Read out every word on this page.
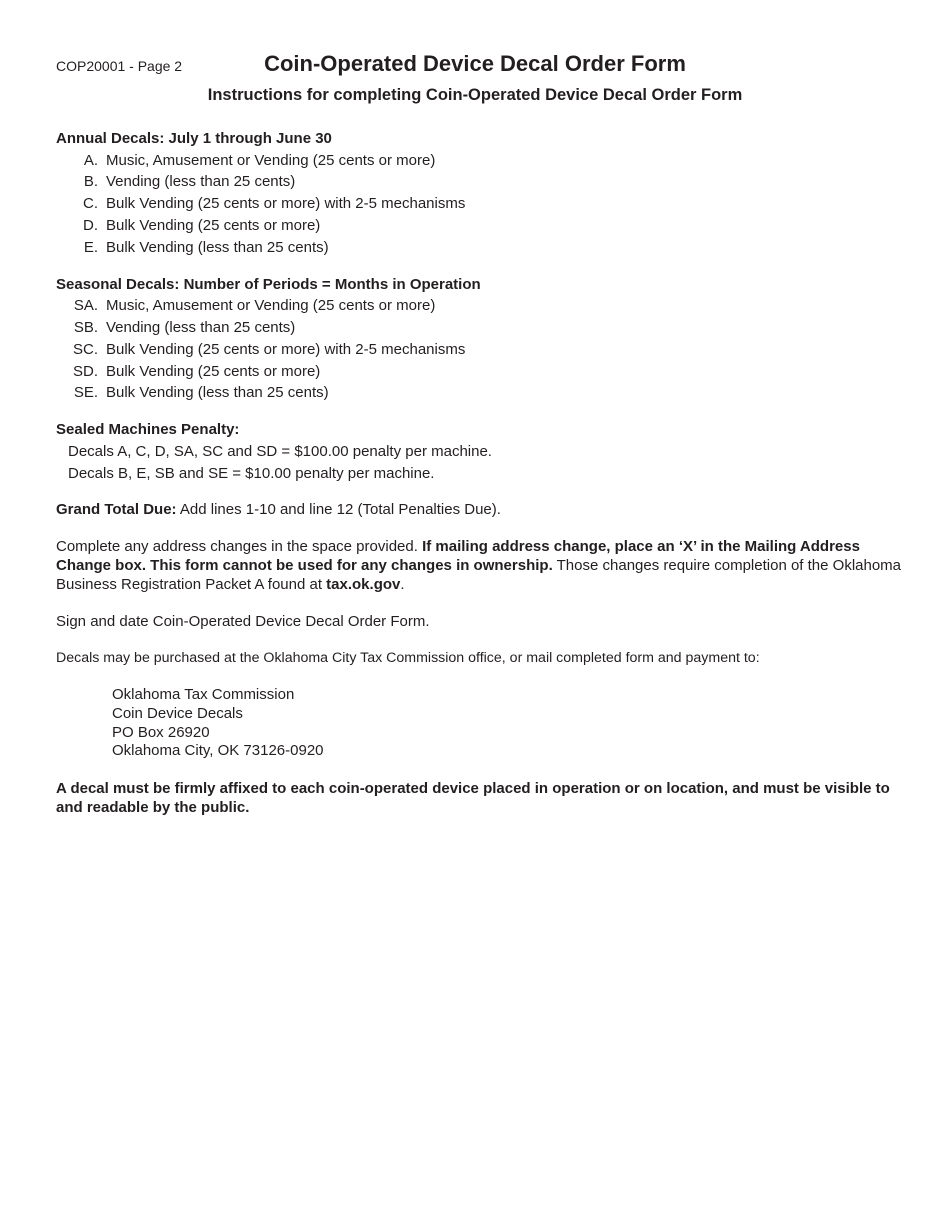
COP20001 - Page 2	Coin-Operated Device Decal Order Form
Instructions for completing Coin-Operated Device Decal Order Form

Annual Decals: July 1 through June 30

A. Music, Amusement or Vending (25 cents or more)
B. Vending (less than 25 cents)
C. Bulk Vending (25 cents or more) with 2-5 mechanisms
D. Bulk Vending (25 cents or more)
E. Bulk Vending (less than 25 cents)

Seasonal Decals: Number of Periods = Months in Operation

SA. Music, Amusement or Vending (25 cents or more)
SB. Vending (less than 25 cents)
SC. Bulk Vending (25 cents or more) with 2-5 mechanisms
SD. Bulk Vending (25 cents or more)
SE. Bulk Vending (less than 25 cents)

Sealed Machines Penalty:

Decals A, C, D, SA, SC and SD = $100.00 penalty per machine.

Decals B, E, SB and SE = $10.00 penalty per machine.

Grand Total Due: Add lines 1-10 and line 12 (Total Penalties Due).

Complete any address changes in the space provided. If mailing address change, place an ‘X’ in the Mailing Address Change box. This form cannot be used for any changes in ownership. Those changes require completion of the Oklahoma Business Registration Packet A found at tax.ok.gov.

Sign and date Coin-Operated Device Decal Order Form.

Decals may be purchased at the Oklahoma City Tax Commission office, or mail completed form and payment to:

Oklahoma Tax Commission

Coin Device Decals

PO Box 26920

Oklahoma City, OK 73126-0920

A decal must be firmly affixed to each coin-operated device placed in operation or on location, and must be visible to and readable by the public.
